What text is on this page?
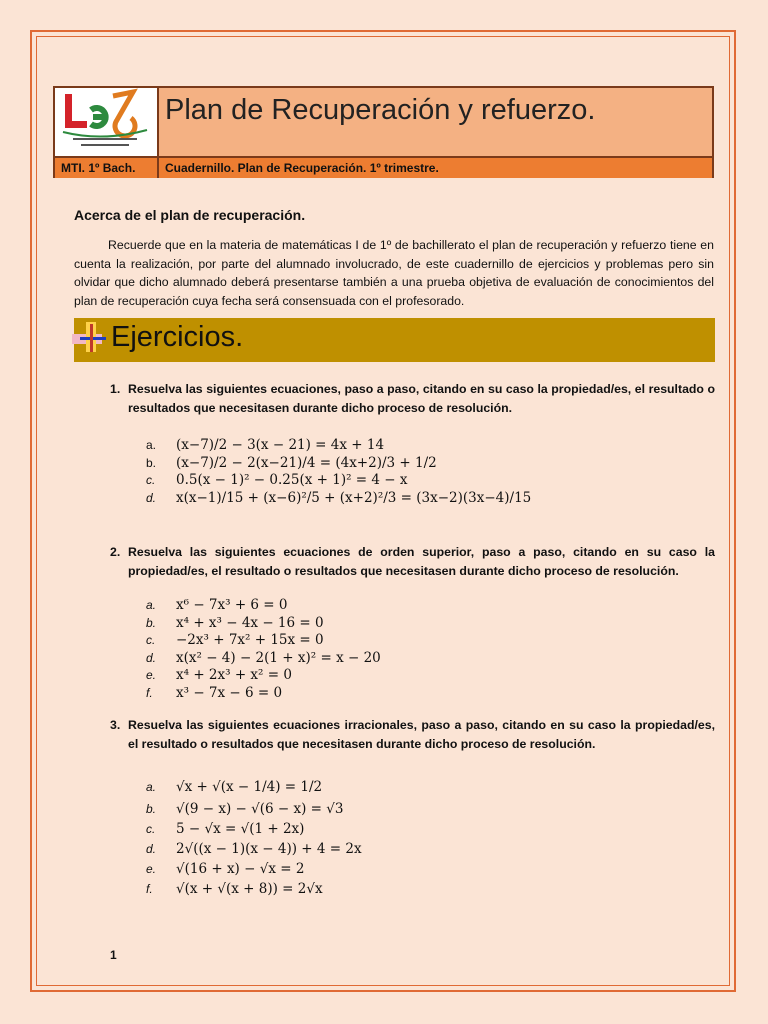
Plan de Recuperación y refuerzo.
MTI. 1º Bach.	Cuadernillo. Plan de Recuperación. 1º trimestre.
Acerca de el plan de recuperación.
Recuerde que en la materia de matemáticas I de 1º de bachillerato el plan de recuperación y refuerzo tiene en cuenta la realización, por parte del alumnado involucrado, de este cuadernillo de ejercicios y problemas pero sin olvidar que dicho alumnado deberá presentarse también a una prueba objetiva de evaluación de conocimientos del plan de recuperación cuya fecha será consensuada con el profesorado.
Ejercicios.
1. Resuelva las siguientes ecuaciones, paso a paso, citando en su caso la propiedad/es, el resultado o resultados que necesitasen durante dicho proceso de resolución.
a. (x−7)/2 − 3(x − 21) = 4x + 14
b. (x−7)/2 − 2(x−21)/4 = (4x+2)/3 + 1/2
c. 0.5(x − 1)² − 0.25(x + 1)² = 4 − x
d. x(x−1)/15 + (x−6)²/5 + (x+2)²/3 = (3x−2)(3x−4)/15
2. Resuelva las siguientes ecuaciones de orden superior, paso a paso, citando en su caso la propiedad/es, el resultado o resultados que necesitasen durante dicho proceso de resolución.
a. x⁶ − 7x³ + 6 = 0
b. x⁴ + x³ − 4x − 16 = 0
c. −2x³ + 7x² + 15x = 0
d. x(x² − 4) − 2(1 + x)² = x − 20
e. x⁴ + 2x³ + x² = 0
f. x³ − 7x − 6 = 0
3. Resuelva las siguientes ecuaciones irracionales, paso a paso, citando en su caso la propiedad/es, el resultado o resultados que necesitasen durante dicho proceso de resolución.
a. √x + √(x − 1/4) = 1/2
b. √(9 − x) − √(6 − x) = √3
c. 5 − √x = √(1 + 2x)
d. 2√((x − 1)(x − 4)) + 4 = 2x
e. √(16 + x) − √x = 2
f. √(x + √(x + 8)) = 2√x
1
